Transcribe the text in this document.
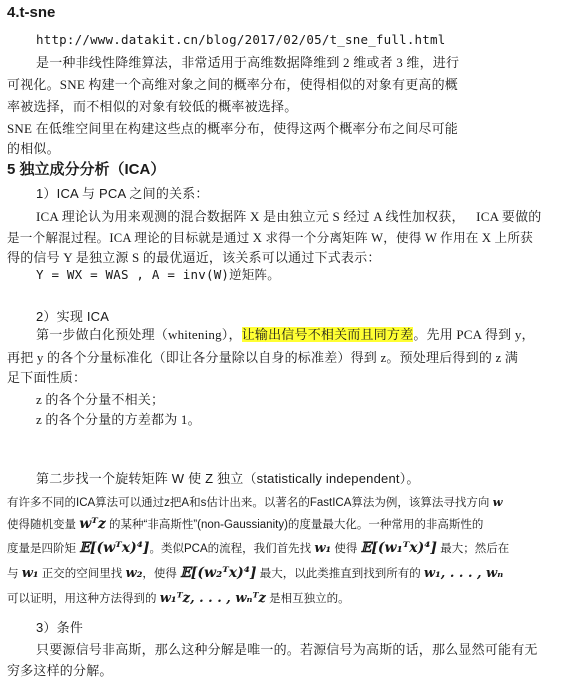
4.t-sne
http://www.datakit.cn/blog/2017/02/05/t_sne_full.html
是一种非线性降维算法，非常适用于高维数据降维到 2 维或者 3 维，进行
可视化。SNE 构建一个高维对象之间的概率分布，使得相似的对象有更高的概
率被选择，而不相似的对象有较低的概率被选择。
SNE 在低维空间里在构建这些点的概率分布，使得这两个概率分布之间尽可能
的相似。
5 独立成分分析（ICA）
1）ICA 与 PCA 之间的关系：
ICA 理论认为用来观测的混合数据阵 X 是由独立元 S 经过 A 线性加权获， ICA 要做的
是一个解混过程。ICA 理论的目标就是通过 X 求得一个分离矩阵 W，使得 W 作用在 X 上所获
得的信号 Y 是独立源 S 的最优逼近，该关系可以通过下式表示：
Y = WX = WAS , A = inv(W)逆矩阵。
2）实现 ICA
第一步做白化预处理（whitening），让输出信号不相关而且同方差。先用 PCA 得到 y，
再把 y 的各个分量标准化（即让各分量除以自身的标准差）得到 z。预处理后得到的 z 满
足下面性质：
z 的各个分量不相关；
z 的各个分量的方差都为 1。
第二步找一个旋转矩阵 W 使 Z 独立（statistically independent）。
有许多不同的ICA算法可以通过z把A和s估计出来。以著名的FastICA算法为例，该算法寻找方向 w
使得随机变量 wᵀz 的某种“非高斯性”(non-Gaussianity)的度量最大化。一种常用的非高斯性的
度量是四阶矩 𝔼[(wᵀx)⁴]。类似PCA的流程，我们首先找 w₁ 使得 𝔼[(w₁ᵀx)⁴] 最大；然后在
与 w₁ 正交的空间里找 w₂，使得 𝔼[(w₂ᵀx)⁴] 最大，以此类推直到找到所有的 w₁, . . . , wₙ
可以证明，用这种方法得到的 w₁ᵀz, . . . , wₙᵀz 是相互独立的。
3）条件
只要源信号非高斯，那么这种分解是唯一的。若源信号为高斯的话，那么显然可能有无
穷多这样的分解。
